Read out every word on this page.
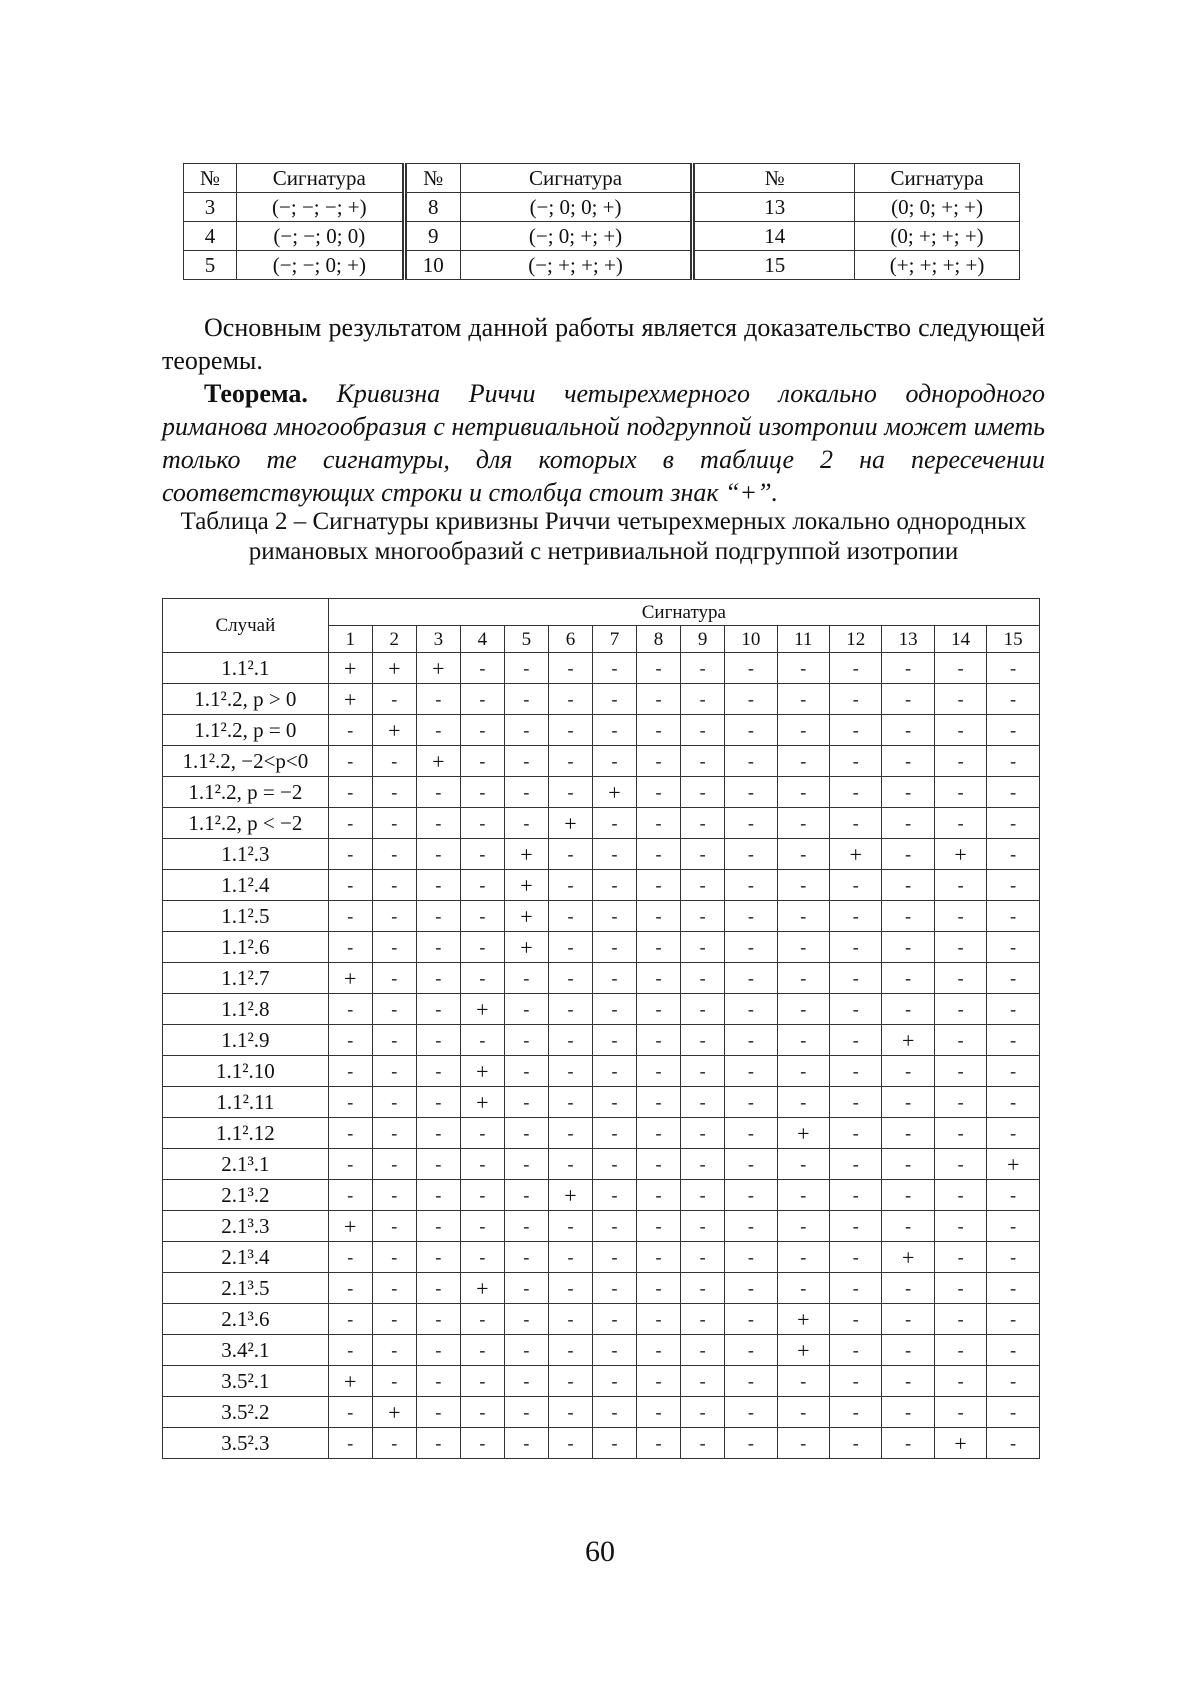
№	Сигнатура	№	Сигнатура	№	Сигнатура
3	(−; −; −; +)	8	(−; 0; 0; +)	13	(0; 0; +; +)
4	(−; −; 0; 0)	9	(−; 0; +; +)	14	(0; +; +; +)
5	(−; −; 0; +)	10	(−; +; +; +)	15	(+; +; +; +)

Основным результатом данной работы является доказательство следующей теоремы.

Теорема. Кривизна Риччи четырехмерного локально однородного риманова многообразия с нетривиальной подгруппой изотропии может иметь только те сигнатуры, для которых в таблице 2 на пересечении соответствующих строки и столбца стоит знак “+”.

Таблица 2 – Сигнатуры кривизны Риччи четырехмерных локально однородных римановых многообразий с нетривиальной подгруппой изотропии

Случай	Сигнатура
1	2	3	4	5	6	7	8	9	10	11	12	13	14	15
1.1².1	+	+	+	-	-	-	-	-	-	-	-	-	-	-	-
1.1².2, p > 0	+	-	-	-	-	-	-	-	-	-	-	-	-	-	-
1.1².2, p = 0	-	+	-	-	-	-	-	-	-	-	-	-	-	-	-
1.1².2, −2<p<0	-	-	+	-	-	-	-	-	-	-	-	-	-	-	-
1.1².2, p = −2	-	-	-	-	-	-	+	-	-	-	-	-	-	-	-
1.1².2, p < −2	-	-	-	-	-	+	-	-	-	-	-	-	-	-	-
1.1².3	-	-	-	-	+	-	-	-	-	-	-	+	-	+	-
1.1².4	-	-	-	-	+	-	-	-	-	-	-	-	-	-	-
1.1².5	-	-	-	-	+	-	-	-	-	-	-	-	-	-	-
1.1².6	-	-	-	-	+	-	-	-	-	-	-	-	-	-	-
1.1².7	+	-	-	-	-	-	-	-	-	-	-	-	-	-	-
1.1².8	-	-	-	+	-	-	-	-	-	-	-	-	-	-	-
1.1².9	-	-	-	-	-	-	-	-	-	-	-	-	+	-	-
1.1².10	-	-	-	+	-	-	-	-	-	-	-	-	-	-	-
1.1².11	-	-	-	+	-	-	-	-	-	-	-	-	-	-	-
1.1².12	-	-	-	-	-	-	-	-	-	-	+	-	-	-	-
2.1³.1	-	-	-	-	-	-	-	-	-	-	-	-	-	-	+
2.1³.2	-	-	-	-	-	+	-	-	-	-	-	-	-	-	-
2.1³.3	+	-	-	-	-	-	-	-	-	-	-	-	-	-	-
2.1³.4	-	-	-	-	-	-	-	-	-	-	-	-	+	-	-
2.1³.5	-	-	-	+	-	-	-	-	-	-	-	-	-	-	-
2.1³.6	-	-	-	-	-	-	-	-	-	-	+	-	-	-	-
3.4².1	-	-	-	-	-	-	-	-	-	-	+	-	-	-	-
3.5².1	+	-	-	-	-	-	-	-	-	-	-	-	-	-	-
3.5².2	-	+	-	-	-	-	-	-	-	-	-	-	-	-	-
3.5².3	-	-	-	-	-	-	-	-	-	-	-	-	-	+	-

60
